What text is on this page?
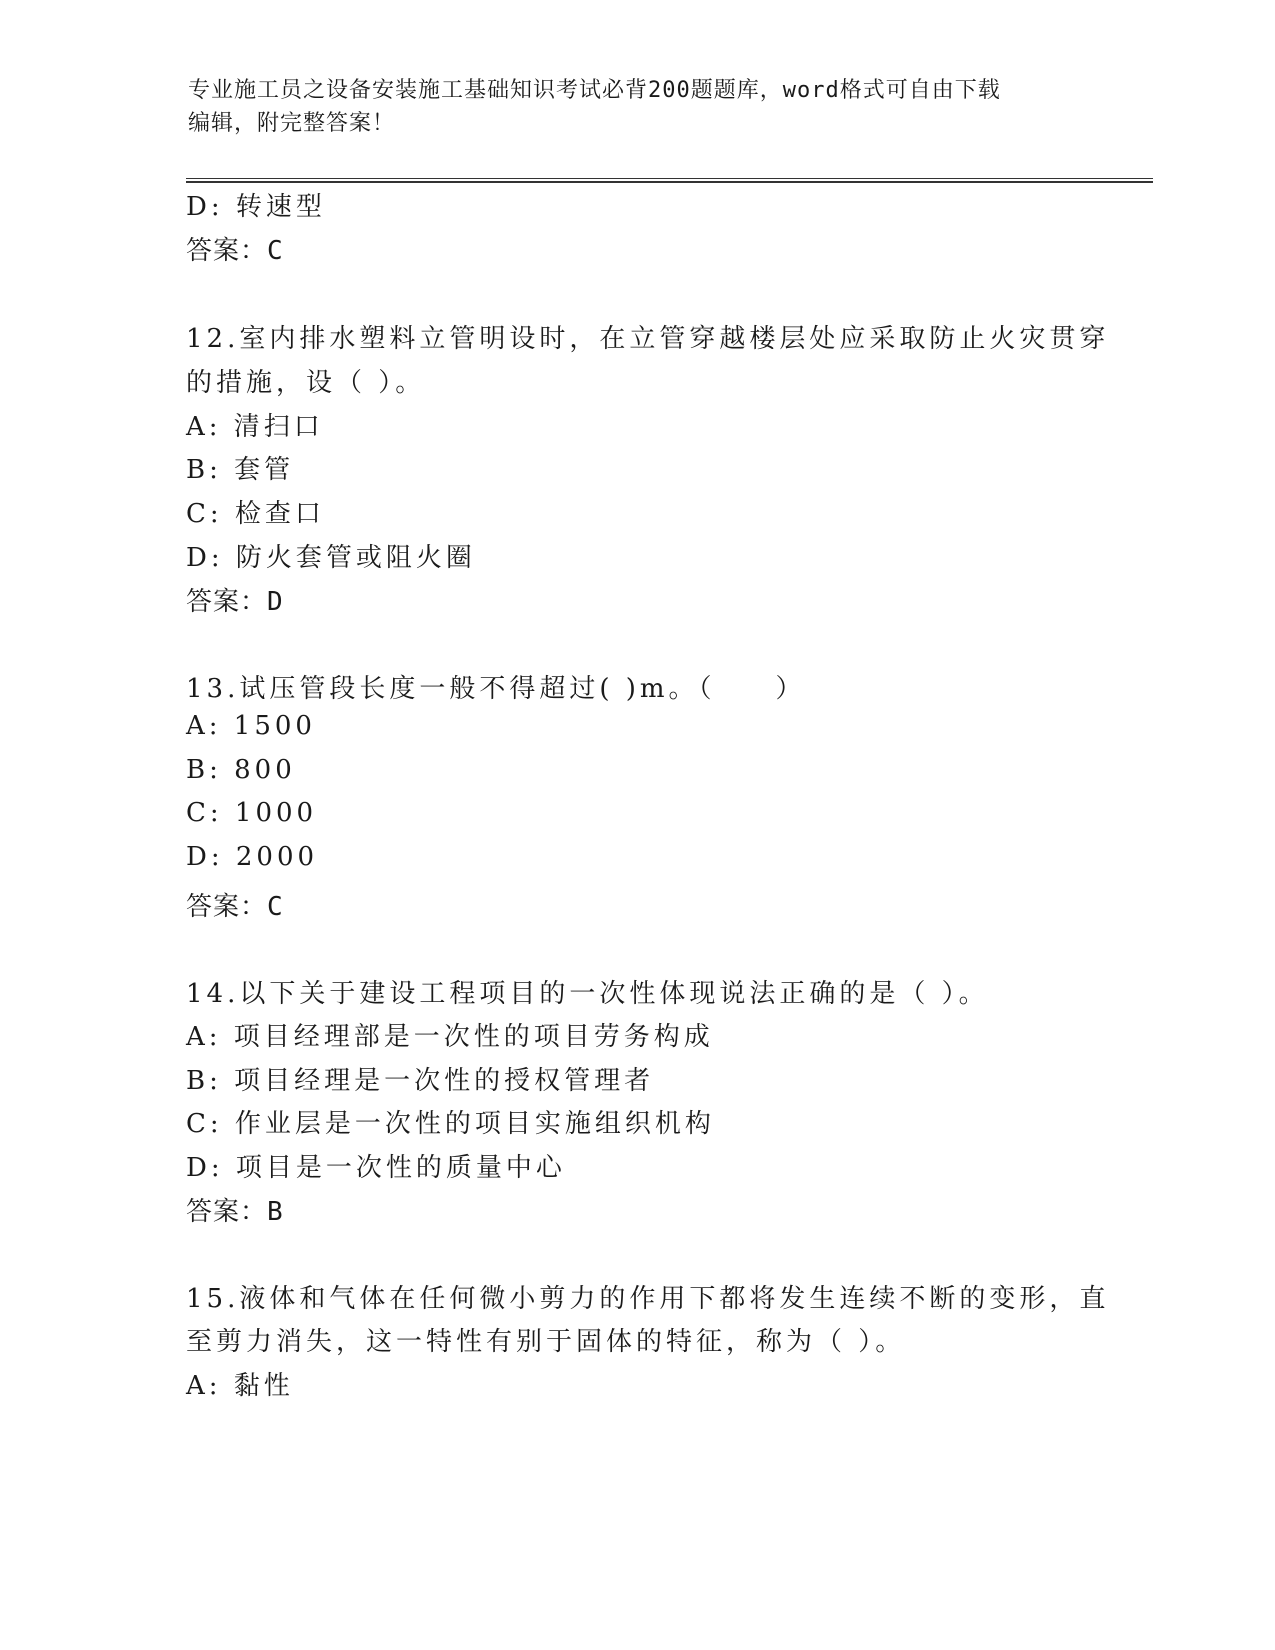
专业施工员之设备安装施工基础知识考试必背200题题库，word格式可自由下载
编辑，附完整答案！
D: 转速型
答案：C
12.室内排水塑料立管明设时，在立管穿越楼层处应采取防止火灾贯穿
的措施，设（ ）。
A: 清扫口
B: 套管
C: 检查口
D: 防火套管或阻火圈
答案：D
13.试压管段长度一般不得超过( )m。（　　）
A: 1500
B: 800
C: 1000
D: 2000
答案：C
14.以下关于建设工程项目的一次性体现说法正确的是（ ）。
A: 项目经理部是一次性的项目劳务构成
B: 项目经理是一次性的授权管理者
C: 作业层是一次性的项目实施组织机构
D: 项目是一次性的质量中心
答案：B
15.液体和气体在任何微小剪力的作用下都将发生连续不断的变形，直
至剪力消失，这一特性有别于固体的特征，称为（ ）。
A: 黏性
